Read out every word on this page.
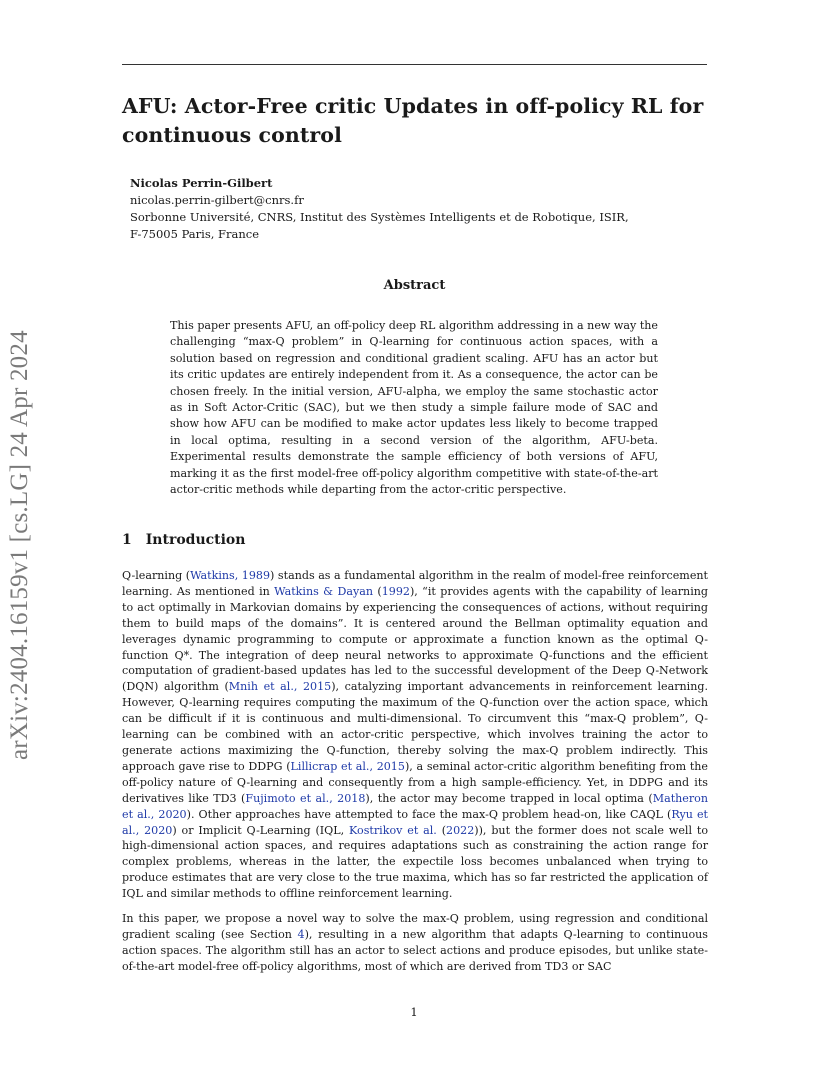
AFU: Actor-Free critic Updates in off-policy RL for continuous control
Nicolas Perrin-Gilbert
nicolas.perrin-gilbert@cnrs.fr
Sorbonne Université, CNRS, Institut des Systèmes Intelligents et de Robotique, ISIR,
F-75005 Paris, France
arXiv:2404.16159v1 [cs.LG] 24 Apr 2024
Abstract
This paper presents AFU, an off-policy deep RL algorithm addressing in a new way the challenging “max-Q problem” in Q-learning for continuous action spaces, with a solution based on regression and conditional gradient scaling. AFU has an actor but its critic updates are entirely independent from it. As a consequence, the actor can be chosen freely. In the initial version, AFU-alpha, we employ the same stochastic actor as in Soft Actor-Critic (SAC), but we then study a simple failure mode of SAC and show how AFU can be modified to make actor updates less likely to become trapped in local optima, resulting in a second version of the algorithm, AFU-beta. Experimental results demonstrate the sample efficiency of both versions of AFU, marking it as the first model-free off-policy algorithm competitive with state-of-the-art actor-critic methods while departing from the actor-critic perspective.
1 Introduction

Q-learning (Watkins, 1989) stands as a fundamental algorithm in the realm of model-free reinforcement learning. As mentioned in Watkins & Dayan (1992), “it provides agents with the capability of learning to act optimally in Markovian domains by experiencing the consequences of actions, without requiring them to build maps of the domains”. It is centered around the Bellman optimality equation and leverages dynamic programming to compute or approximate a function known as the optimal Q-function Q*. The integration of deep neural networks to approximate Q-functions and the efficient computation of gradient-based updates has led to the successful development of the Deep Q-Network (DQN) algorithm (Mnih et al., 2015), catalyzing important advancements in reinforcement learning. However, Q-learning requires computing the maximum of the Q-function over the action space, which can be difficult if it is continuous and multi-dimensional. To circumvent this “max-Q problem”, Q-learning can be combined with an actor-critic perspective, which involves training the actor to generate actions maximizing the Q-function, thereby solving the max-Q problem indirectly. This approach gave rise to DDPG (Lillicrap et al., 2015), a seminal actor-critic algorithm benefiting from the off-policy nature of Q-learning and consequently from a high sample-efficiency. Yet, in DDPG and its derivatives like TD3 (Fujimoto et al., 2018), the actor may become trapped in local optima (Matheron et al., 2020). Other approaches have attempted to face the max-Q problem head-on, like CAQL (Ryu et al., 2020) or Implicit Q-Learning (IQL, Kostrikov et al. (2022)), but the former does not scale well to high-dimensional action spaces, and requires adaptations such as constraining the action range for complex problems, whereas in the latter, the expectile loss becomes unbalanced when trying to produce estimates that are very close to the true maxima, which has so far restricted the application of IQL and similar methods to offline reinforcement learning.

In this paper, we propose a novel way to solve the max-Q problem, using regression and conditional gradient scaling (see Section 4), resulting in a new algorithm that adapts Q-learning to continuous action spaces. The algorithm still has an actor to select actions and produce episodes, but unlike state-of-the-art model-free off-policy algorithms, most of which are derived from TD3 or SAC

1
